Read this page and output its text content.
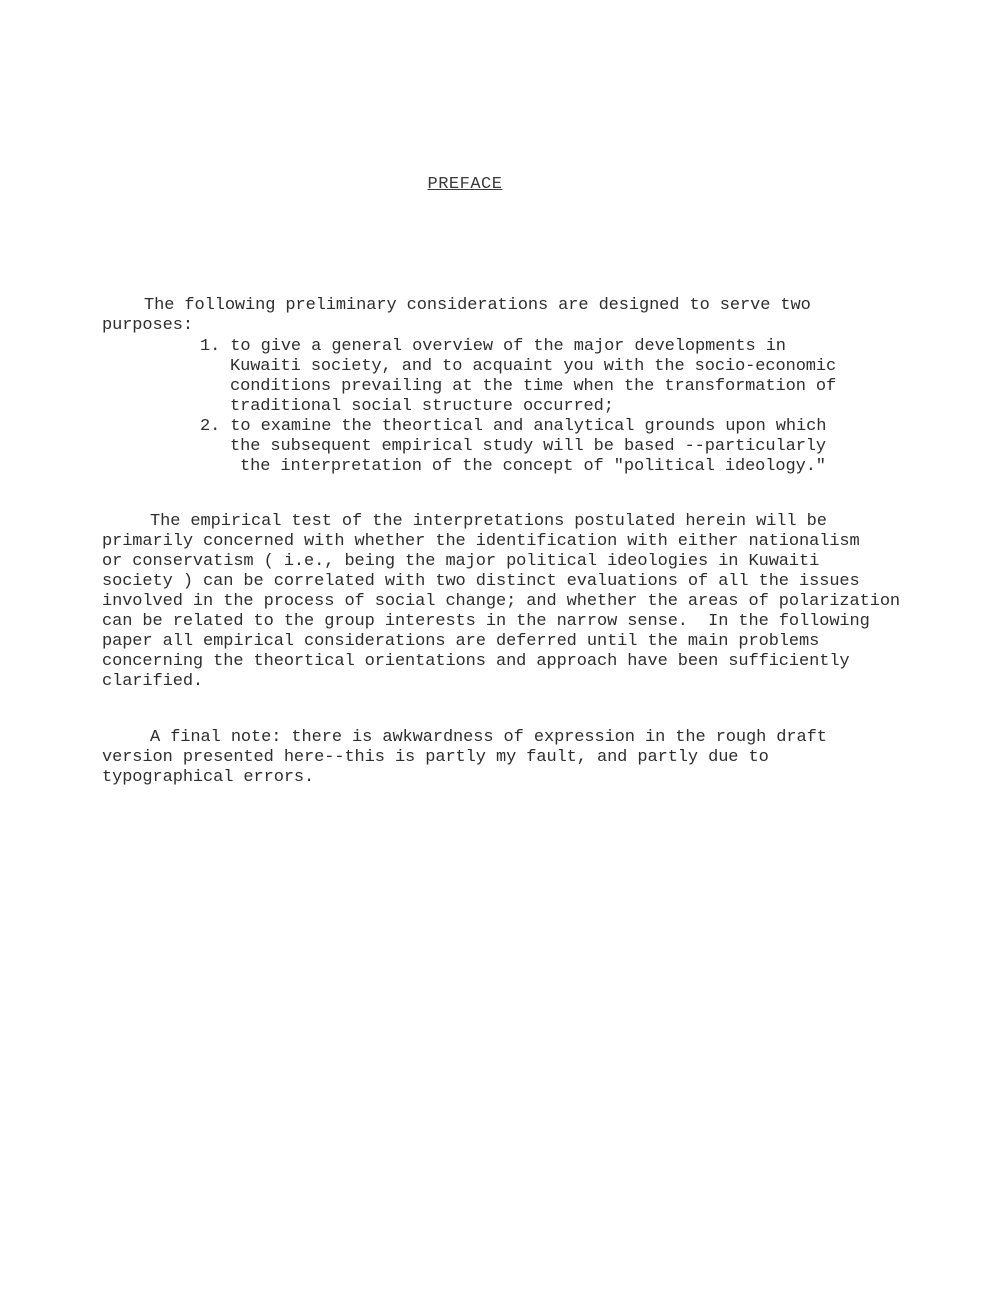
PREFACE
The following preliminary considerations are designed to serve two
purposes:
1. to give a general overview of the major developments in
Kuwaiti society, and to acquaint you with the socio-economic
conditions prevailing at the time when the transformation of
traditional social structure occurred;
2. to examine the theortical and analytical grounds upon which
the subsequent empirical study will be based --particularly
the interpretation of the concept of "political ideology."
The empirical test of the interpretations postulated herein will be
primarily concerned with whether the identification with either nationalism
or conservatism ( i.e., being the major political ideologies in Kuwaiti
society ) can be correlated with two distinct evaluations of all the issues
involved in the process of social change; and whether the areas of polarization
can be related to the group interests in the narrow sense.  In the following
paper all empirical considerations are deferred until the main problems
concerning the theortical orientations and approach have been sufficiently
clarified.
A final note: there is awkwardness of expression in the rough draft
version presented here--this is partly my fault, and partly due to
typographical errors.
